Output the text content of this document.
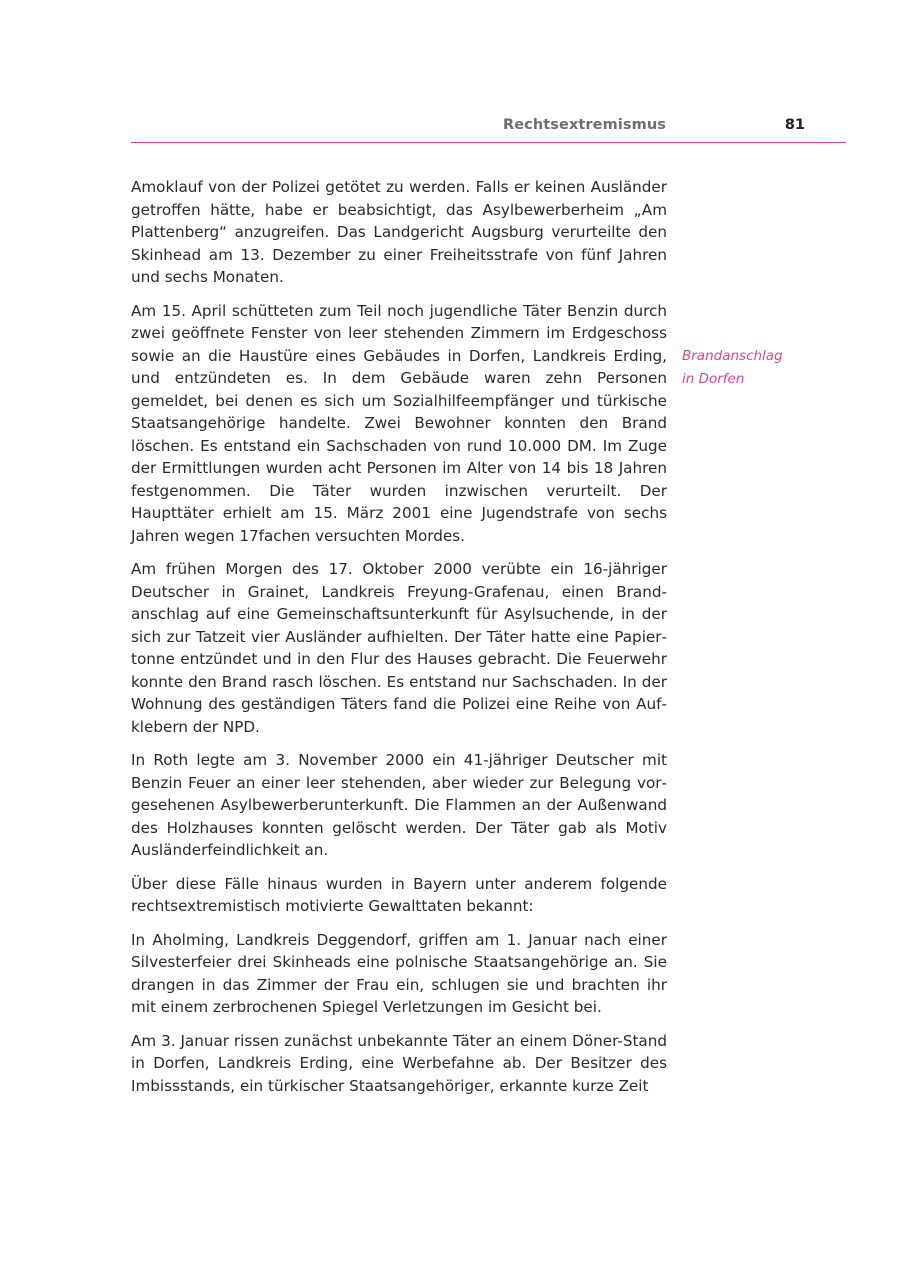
Rechtsextremismus	81

Amoklauf von der Polizei getötet zu werden. Falls er keinen Ausländer getroffen hätte, habe er beabsichtigt, das Asylbewerberheim „Am Plattenberg“ anzugreifen. Das Landgericht Augsburg verurteilte den Skinhead am 13. Dezember zu einer Freiheitsstrafe von fünf Jahren und sechs Monaten.

Am 15. April schütteten zum Teil noch jugendliche Täter Benzin durch zwei geöffnete Fenster von leer stehenden Zimmern im Erdgeschoss sowie an die Haustüre eines Gebäudes in Dorfen, Landkreis Erding, und entzündeten es. In dem Gebäude waren zehn Personen gemeldet, bei denen es sich um Sozialhilfeempfänger und türkische Staatsangehörige handelte. Zwei Bewohner konnten den Brand löschen. Es entstand ein Sachschaden von rund 10.000 DM. Im Zuge der Ermittlungen wurden acht Personen im Alter von 14 bis 18 Jahren festgenommen. Die Täter wurden inzwischen verurteilt. Der Haupttäter erhielt am 15. März 2001 eine Jugendstrafe von sechs Jahren wegen 17fachen versuchten Mordes.

Am frühen Morgen des 17. Oktober 2000 verübte ein 16-jähriger Deutscher in Grainet, Landkreis Freyung-Grafenau, einen Brandanschlag auf eine Gemeinschaftsunterkunft für Asylsuchende, in der sich zur Tatzeit vier Ausländer aufhielten. Der Täter hatte eine Papiertonne entzündet und in den Flur des Hauses gebracht. Die Feuerwehr konnte den Brand rasch löschen. Es entstand nur Sachschaden. In der Wohnung des geständigen Täters fand die Polizei eine Reihe von Aufklebern der NPD.

In Roth legte am 3. November 2000 ein 41-jähriger Deutscher mit Benzin Feuer an einer leer stehenden, aber wieder zur Belegung vorgesehenen Asylbewerberunterkunft. Die Flammen an der Außenwand des Holzhauses konnten gelöscht werden. Der Täter gab als Motiv Ausländerfeindlichkeit an.

Über diese Fälle hinaus wurden in Bayern unter anderem folgende rechtsextremistisch motivierte Gewalttaten bekannt:

In Aholming, Landkreis Deggendorf, griffen am 1. Januar nach einer Silvesterfeier drei Skinheads eine polnische Staatsangehörige an. Sie drangen in das Zimmer der Frau ein, schlugen sie und brachten ihr mit einem zerbrochenen Spiegel Verletzungen im Gesicht bei.

Am 3. Januar rissen zunächst unbekannte Täter an einem Döner-Stand in Dorfen, Landkreis Erding, eine Werbefahne ab. Der Besitzer des Imbissstands, ein türkischer Staatsangehöriger, erkannte kurze Zeit

Brandanschlag
in Dorfen
